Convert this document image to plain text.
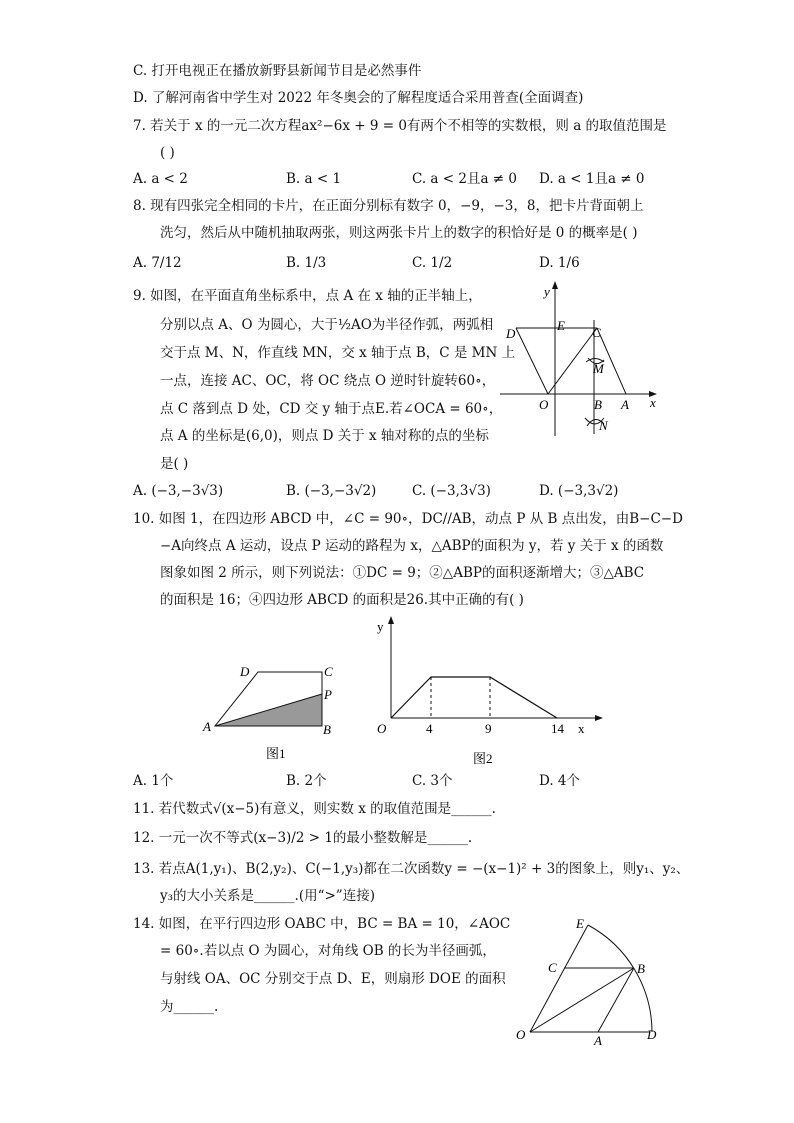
C. 打开电视正在播放新野县新闻节目是必然事件
D. 了解河南省中学生对 2022 年冬奥会的了解程度适合采用普查(全面调查)
7. 若关于 x 的一元二次方程ax²−6x + 9 = 0有两个不相等的实数根，则 a 的取值范围是
( )
A. a < 2	B. a < 1	C. a < 2且a ≠ 0 D. a < 1且a ≠ 0
8. 现有四张完全相同的卡片，在正面分别标有数字 0，−9，−3，8，把卡片背面朝上
洗匀，然后从中随机抽取两张，则这两张卡片上的数字的积恰好是 0 的概率是( )
A. 7/12	B. 1/3	C. 1/2	D. 1/6
9. 如图，在平面直角坐标系中，点 A 在 x 轴的正半轴上，
分别以点 A、O 为圆心，大于½AO为半径作弧，两弧相
交于点 M、N，作直线 MN，交 x 轴于点 B，C 是 MN 上
一点，连接 AC、OC，将 OC 绕点 O 逆时针旋转60∘，
点 C 落到点 D 处，CD 交 y 轴于点E.若∠OCA = 60∘，
点 A 的坐标是(6,0)，则点 D 关于 x 轴对称的点的坐标
是( )
A. (−3,−3√3)	B. (−3,−3√2)	C. (−3,3√3)	D. (−3,3√2)
10. 如图 1，在四边形 ABCD 中，∠C = 90∘，DC//AB，动点 P 从 B 点出发，由B−C−D
−A向终点 A 运动，设点 P 运动的路程为 x，△ABP的面积为 y，若 y 关于 x 的函数
图象如图 2 所示，则下列说法：①DC = 9；②△ABP的面积逐渐增大；③△ABC
的面积是 16；④四边形 ABCD 的面积是26.其中正确的有( )
y
x
D
E C
M
O	B A
N
D	C
P
A	B
图1
y
O	4	9	14 x
图2
A. 1个	B. 2个	C. 3个	D. 4个
11. 若代数式√(x−5)有意义，则实数 x 的取值范围是______.
12. 一元一次不等式(x−3)/2 > 1的最小整数解是______.
13. 若点A(1,y₁)、B(2,y₂)、C(−1,y₃)都在二次函数y = −(x−1)² + 3的图象上，则y₁、y₂、
y₃的大小关系是______.(用“>”连接)
14. 如图，在平行四边形 OABC 中，BC = BA = 10，∠AOC
= 60∘.若以点 O 为圆心，对角线 OB 的长为半径画弧，
与射线 OA、OC 分别交于点 D、E，则扇形 DOE 的面积
为______.
E
C	B
O	A	D
